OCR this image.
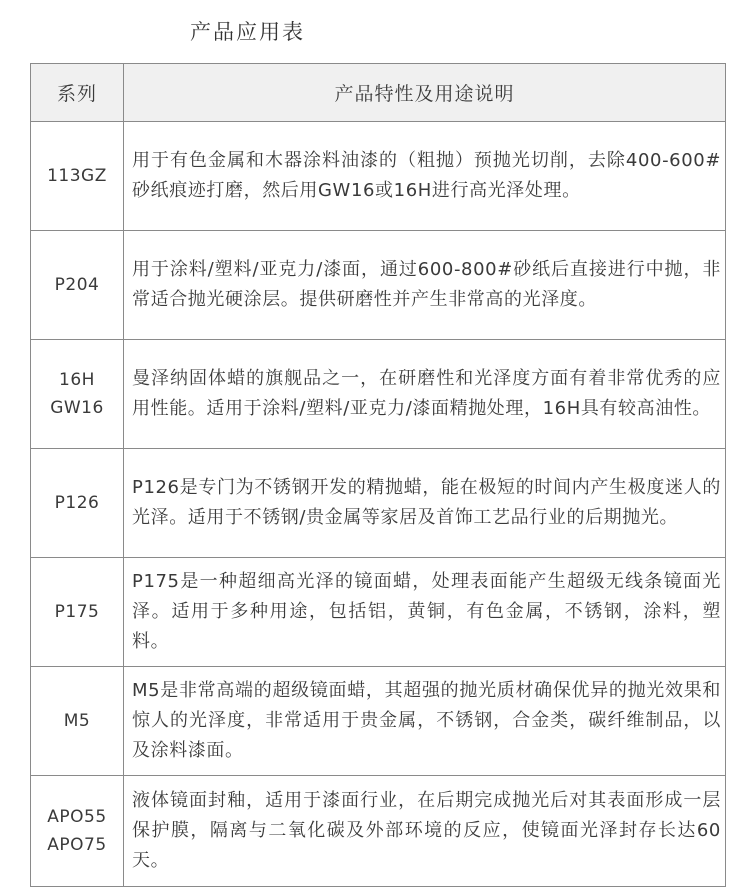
产品应用表
系列	产品特性及用途说明

113GZ	用于有色金属和木器涂料油漆的（粗抛）预抛光切削，去除400-600#砂纸痕迹打磨，然后用GW16或16H进行高光泽处理。

P204	用于涂料/塑料/亚克力/漆面，通过600-800#砂纸后直接进行中抛，非常适合抛光硬涂层。提供研磨性并产生非常高的光泽度。

16H
GW16	曼泽纳固体蜡的旗舰品之一，在研磨性和光泽度方面有着非常优秀的应用性能。适用于涂料/塑料/亚克力/漆面精抛处理，16H具有较高油性。

P126	P126是专门为不锈钢开发的精抛蜡，能在极短的时间内产生极度迷人的光泽。适用于不锈钢/贵金属等家居及首饰工艺品行业的后期抛光。

P175	P175是一种超细高光泽的镜面蜡，处理表面能产生超级无线条镜面光泽。适用于多种用途，包括铝，黄铜，有色金属，不锈钢，涂料，塑料。

M5	M5是非常高端的超级镜面蜡，其超强的抛光质材确保优异的抛光效果和惊人的光泽度，非常适用于贵金属，不锈钢，合金类，碳纤维制品，以及涂料漆面。

APO55
APO75	液体镜面封釉，适用于漆面行业，在后期完成抛光后对其表面形成一层保护膜，隔离与二氧化碳及外部环境的反应，使镜面光泽封存长达60天。
